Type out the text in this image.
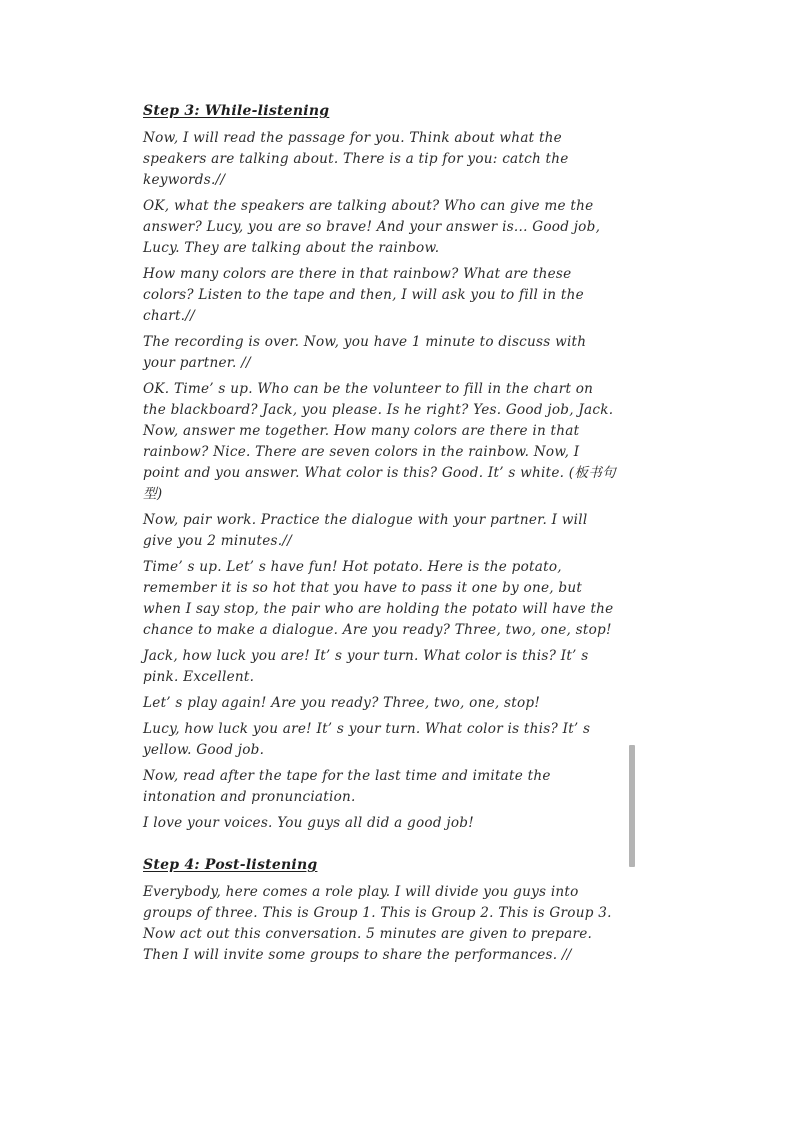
Step 3: While-listening
Now, I will read the passage for you. Think about what the speakers are talking about. There is a tip for you: catch the keywords.//
OK, what the speakers are talking about? Who can give me the answer? Lucy, you are so brave! And your answer is... Good job, Lucy. They are talking about the rainbow.
How many colors are there in that rainbow? What are these colors? Listen to the tape and then, I will ask you to fill in the chart.//
The recording is over. Now, you have 1 minute to discuss with your partner. //
OK. Time’ s up. Who can be the volunteer to fill in the chart on the blackboard? Jack, you please. Is he right? Yes. Good job, Jack. Now, answer me together. How many colors are there in that rainbow? Nice. There are seven colors in the rainbow. Now, I point and you answer. What color is this? Good. It’ s white. (板书句型)
Now, pair work. Practice the dialogue with your partner. I will give you 2 minutes.//
Time’ s up. Let’ s have fun! Hot potato. Here is the potato, remember it is so hot that you have to pass it one by one, but when I say stop, the pair who are holding the potato will have the chance to make a dialogue. Are you ready? Three, two, one, stop!
Jack, how luck you are! It’ s your turn. What color is this? It’ s pink. Excellent.
Let’ s play again! Are you ready? Three, two, one, stop!
Lucy, how luck you are! It’ s your turn. What color is this? It’ s yellow. Good job.
Now, read after the tape for the last time and imitate the intonation and pronunciation.
I love your voices. You guys all did a good job!
Step 4: Post-listening
Everybody, here comes a role play. I will divide you guys into groups of three. This is Group 1. This is Group 2. This is Group 3. Now act out this conversation. 5 minutes are given to prepare. Then I will invite some groups to share the performances. //
